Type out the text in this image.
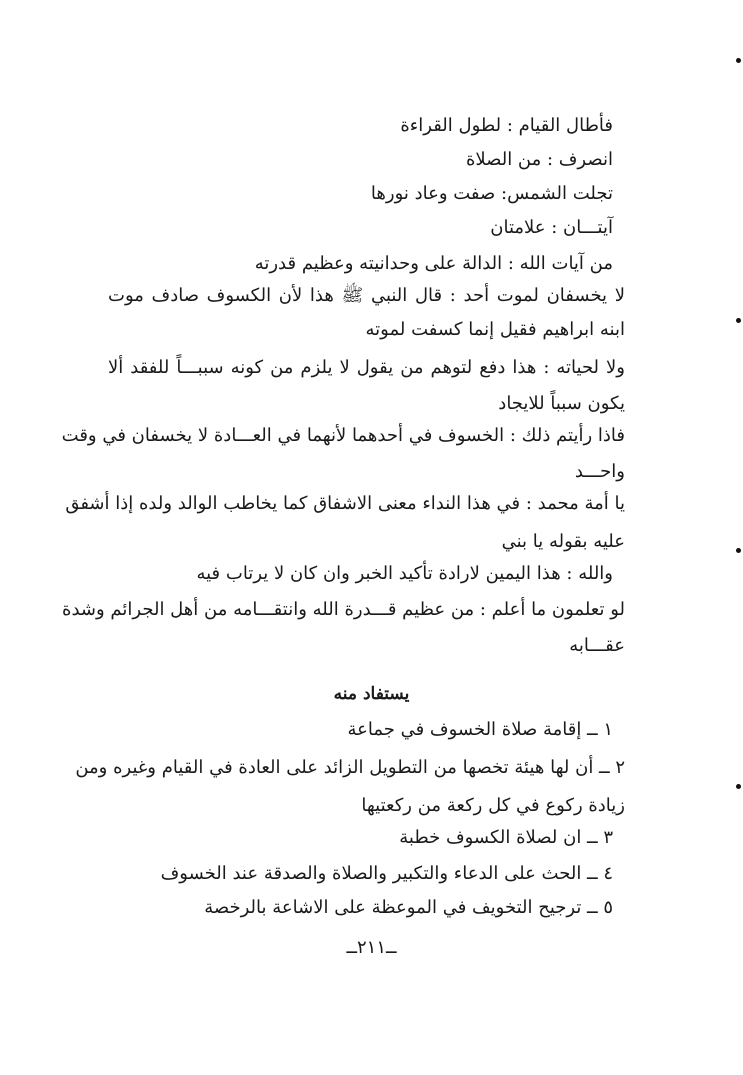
فأطال القيام : لطول القراءة
انصرف : من الصلاة
تجلت الشمس: صفت وعاد نورها
آيتـــان : علامتان
من آيات الله : الدالة على وحدانيته وعظيم قدرته
لا يخسفان لموت أحد : قال النبي ﷺ هذا لأن الكسوف صادف موت
ابنه ابراهيم فقيل إنما كسفت لموته
ولا لحياته : هذا دفع لتوهم من يقول لا يلزم من كونه سببـــاً للفقد ألا
يكون سبباً للايجاد
فاذا رأيتم ذلك : الخسوف في أحدهما لأنهما في العـــادة لا يخسفان في وقت
واحـــد
يا أمة محمد : في هذا النداء معنى الاشفاق كما يخاطب الوالد ولده إذا أشفق
عليه بقوله يا بني
والله : هذا اليمين لارادة تأكيد الخبر وان كان لا يرتاب فيه
لو تعلمون ما أعلم : من عظيم قـــدرة الله وانتقـــامه من أهل الجرائم وشدة
عقـــابه
يستفاد منه
١ ــ إقامة صلاة الخسوف في جماعة
٢ ــ أن لها هيئة تخصها من التطويل الزائد على العادة في القيام وغيره ومن
زيادة ركوع في كل ركعة من ركعتيها
٣ ــ ان لصلاة الكسوف خطبة
٤ ــ الحث على الدعاء والتكبير والصلاة والصدقة عند الخسوف
٥ ــ ترجيح التخويف في الموعظة على الاشاعة بالرخصة
ــ٢١١ــ
